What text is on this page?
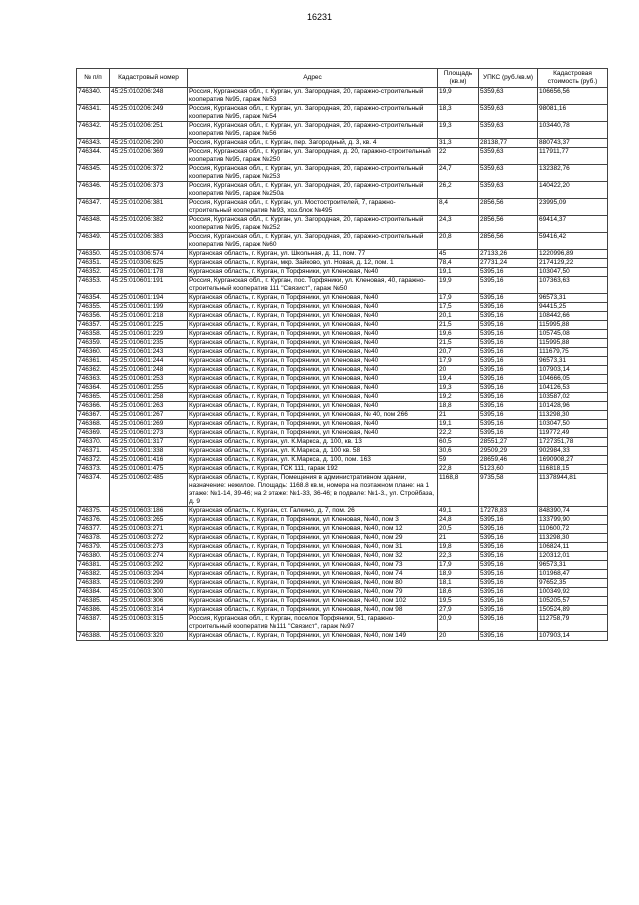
16231
№ п/п	Кадастровый номер	Адрес	Площадь (кв.м)	УПКС (руб./кв.м)	Кадастровая стоимость (руб.)
746340.	45:25:010206:248	Россия, Курганская обл., г. Курган, ул. Загородная, 20, гаражно-строительный кооператив №95, гараж №53	19,9	5359,63	106656,56
746341.	45:25:010206:249	Россия, Курганская обл., г. Курган, ул. Загородная, 20, гаражно-строительный кооператив №95, гараж №54	18,3	5359,63	98081,16
746342.	45:25:010206:251	Россия, Курганская обл., г. Курган, ул. Загородная, 20, гаражно-строительный кооператив №95, гараж №56	19,3	5359,63	103440,78
746343.	45:25:010206:290	Россия, Курганская обл., г. Курган, пер. Загородный, д. 3, кв. 4	31,3	28138,77	880743,37
746344.	45:25:010206:369	Россия, Курганская обл., г. Курган, ул. Загородная, д. 20, гаражно-строительный кооператив №95, гараж №250	22	5359,63	117911,77
746345.	45:25:010206:372	Россия, Курганская обл., г. Курган, ул. Загородная, 20, гаражно-строительный кооператив №95, гараж №253	24,7	5359,63	132382,76
746346.	45:25:010206:373	Россия, Курганская обл., г. Курган, ул. Загородная, 20, гаражно-строительный кооператив №95, гараж №250а	26,2	5359,63	140422,20
746347.	45:25:010206:381	Россия, Курганская обл., г. Курган, ул. Мостостроителей, 7, гаражно-строительный кооператив №93, хоз.блок №495	8,4	2856,56	23995,09
746348.	45:25:010206:382	Россия, Курганская обл., г. Курган, ул. Загородная, 20, гаражно-строительный кооператив №95, гараж №252	24,3	2856,56	69414,37
746349.	45:25:010206:383	Россия, Курганская обл., г. Курган, ул. Загородная, 20, гаражно-строительный кооператив №95, гараж №60	20,8	2856,56	59416,42
746350.	45:25:010306:574	Курганская область, г. Курган, ул. Школьная, д. 11, пом. 77	45	27133,26	1220996,89
746351.	45:25:010306:625	Курганская область, г. Курган, мкр. Зайково, ул. Новая, д. 12, пом. 1	78,4	27731,24	2174129,22
746352.	45:25:010601:178	Курганская область, г. Курган, п Торфяники, ул Кленовая, №40	19,1	5395,16	103047,50
746353.	45:25:010601:191	Россия, Курганская обл., г. Курган, пос. Торфяники, ул. Кленовая, 40, гаражно-строительный кооператив 111 "Связист", гараж №50	19,9	5395,16	107363,63
746354.	45:25:010601:194	Курганская область, г. Курган, п Торфяники, ул Кленовая, №40	17,9	5395,16	96573,31
746355.	45:25:010601:199	Курганская область, г. Курган, п Торфяники, ул Кленовая, №40	17,5	5395,16	94415,25
746356.	45:25:010601:218	Курганская область, г. Курган, п Торфяники, ул Кленовая, №40	20,1	5395,16	108442,66
746357.	45:25:010601:225	Курганская область, г. Курган, п Торфяники, ул Кленовая, №40	21,5	5395,16	115995,88
746358.	45:25:010601:229	Курганская область, г. Курган, п Торфяники, ул Кленовая, №40	19,6	5395,16	105745,08
746359.	45:25:010601:235	Курганская область, г. Курган, п Торфяники, ул Кленовая, №40	21,5	5395,16	115995,88
746360.	45:25:010601:243	Курганская область, г. Курган, п Торфяники, ул Кленовая, №40	20,7	5395,16	111679,75
746361.	45:25:010601:244	Курганская область, г. Курган, п Торфяники, ул Кленовая, №40	17,9	5395,16	96573,31
746362.	45:25:010601:248	Курганская область, г. Курган, п Торфяники, ул Кленовая, №40	20	5395,16	107903,14
746363.	45:25:010601:253	Курганская область, г. Курган, п Торфяники, ул Кленовая, №40	19,4	5395,16	104666,05
746364.	45:25:010601:255	Курганская область, г. Курган, п Торфяники, ул Кленовая, №40	19,3	5395,16	104126,53
746365.	45:25:010601:258	Курганская область, г. Курган, п Торфяники, ул Кленовая, №40	19,2	5395,16	103587,02
746366.	45:25:010601:263	Курганская область, г. Курган, п Торфяники, ул Кленовая, №40	18,8	5395,16	101428,96
746367.	45:25:010601:267	Курганская область, г. Курган, п Торфяники, ул Кленовая, № 40, пом 266	21	5395,16	113298,30
746368.	45:25:010601:269	Курганская область, г. Курган, п Торфяники, ул Кленовая, №40	19,1	5395,16	103047,50
746369.	45:25:010601:273	Курганская область, г. Курган, п Торфяники, ул Кленовая, №40	22,2	5395,16	119772,49
746370.	45:25:010601:317	Курганская область, г. Курган, ул. К.Маркса, д. 100, кв. 13	60,5	28551,27	1727351,78
746371.	45:25:010601:338	Курганская область, г. Курган, ул. К.Маркса, д. 100 кв. 58	30,6	29509,29	902984,33
746372.	45:25:010601:416	Курганская область, г. Курган, ул. К.Маркса, д. 100, пом. 163	59	28659,46	1690908,27
746373.	45:25:010601:475	Курганская область, г. Курган, ГСК 111, гараж 192	22,8	5123,60	116818,15
746374.	45:25:010602:485	Курганская область, г. Курган, Помещения в административном здании, назначение: нежилое. Площадь: 1168.8 кв.м, номера на поэтажном плане: на 1 этаже: №1-14, 39-46; на 2 этаже: №1-33, 36-46; в подвале: №1-3., ул. Стройбаза, д. 9	1168,8	9735,58	11378944,81
746375.	45:25:010603:186	Курганская область, г. Курган, ст. Галкино, д. 7, пом. 26	49,1	17278,83	848390,74
746376.	45:25:010603:265	Курганская область, г. Курган, п Торфяники, ул Кленовая, №40, пом 3	24,8	5395,16	133799,90
746377.	45:25:010603:271	Курганская область, г. Курган, п Торфяники, ул Кленовая, №40, пом 12	20,5	5395,16	110600,72
746378.	45:25:010603:272	Курганская область, г. Курган, п Торфяники, ул Кленовая, №40, пом 29	21	5395,16	113298,30
746379.	45:25:010603:273	Курганская область, г. Курган, п Торфяники, ул Кленовая, №40, пом 31	19,8	5395,16	106824,11
746380.	45:25:010603:274	Курганская область, г. Курган, п Торфяники, ул Кленовая, №40, пом 32	22,3	5395,16	120312,01
746381.	45:25:010603:292	Курганская область, г. Курган, п Торфяники, ул Кленовая, №40, пом 73	17,9	5395,16	96573,31
746382.	45:25:010603:294	Курганская область, г. Курган, п Торфяники, ул Кленовая, №40, пом 74	18,9	5395,16	101968,47
746383.	45:25:010603:299	Курганская область, г. Курган, п Торфяники, ул Кленовая, №40, пом 80	18,1	5395,16	97652,35
746384.	45:25:010603:300	Курганская область, г. Курган, п Торфяники, ул Кленовая, №40, пом 79	18,6	5395,16	100349,92
746385.	45:25:010603:306	Курганская область, г. Курган, п Торфяники, ул Кленовая, №40, пом 102	19,5	5395,16	105205,57
746386.	45:25:010603:314	Курганская область, г. Курган, п Торфяники, ул Кленовая, №40, пом 98	27,9	5395,16	150524,89
746387.	45:25:010603:315	Россия, Курганская обл., г. Курган, поселок Торфяники, 51, гаражно-строительный кооператив №111 "Связист", гараж №97	20,9	5395,16	112758,79
746388.	45:25:010603:320	Курганская область, г. Курган, п Торфяники, ул Кленовая, №40, пом 149	20	5395,16	107903,14
